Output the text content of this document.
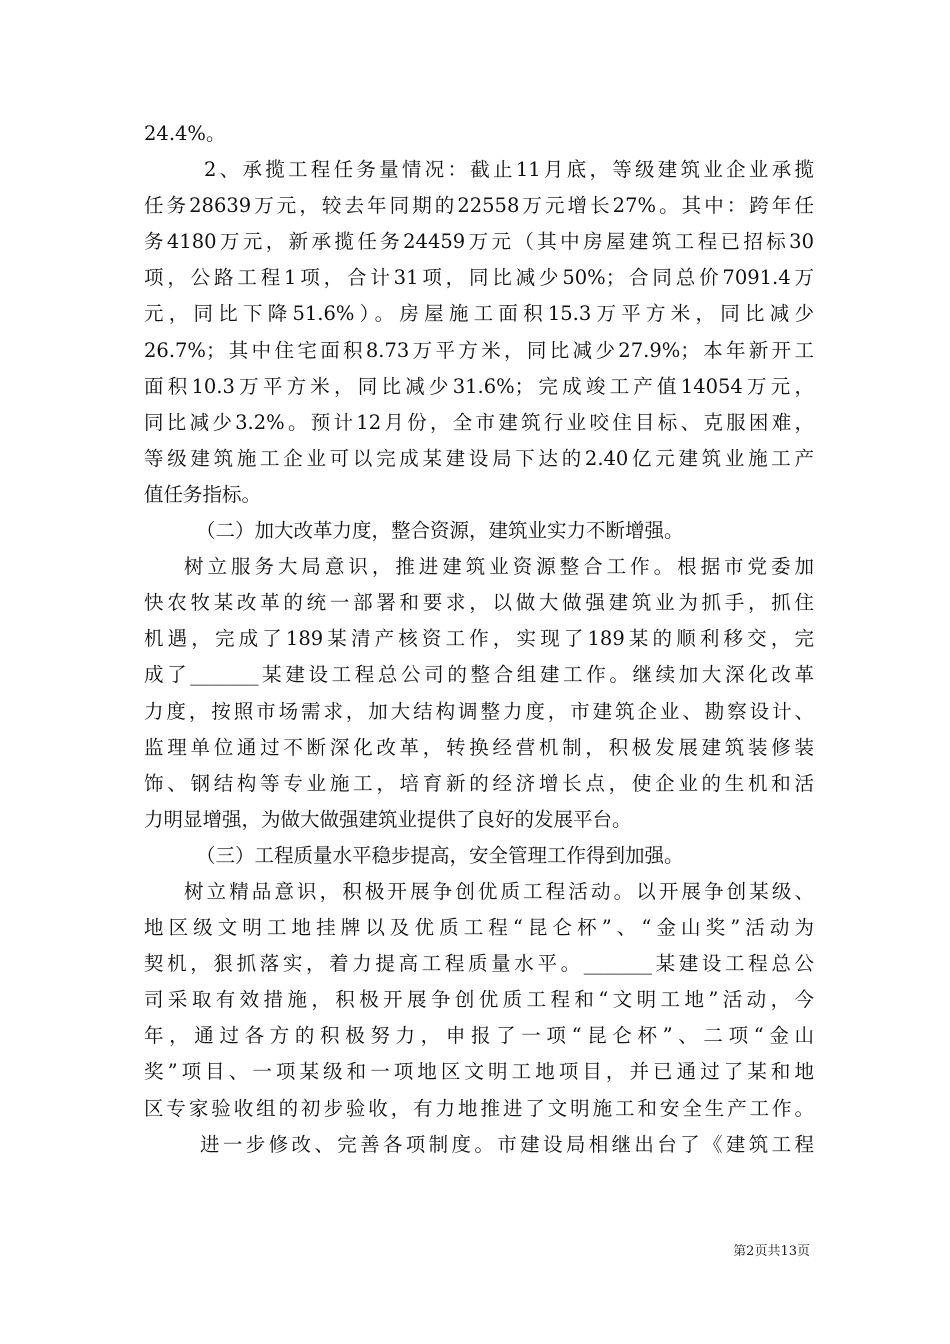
24.4%。
2、承揽工程任务量情况：截止11月底，等级建筑业企业承揽
任务28639万元，较去年同期的22558万元增长27%。其中：跨年任
务4180万元，新承揽任务24459万元（其中房屋建筑工程已招标30
项，公路工程1项，合计31项，同比减少50%；合同总价7091.4万
元，同比下降51.6%）。房屋施工面积15.3万平方米，同比减少
26.7%；其中住宅面积8.73万平方米，同比减少27.9%；本年新开工
面积10.3万平方米，同比减少31.6%；完成竣工产值14054万元，
同比减少3.2%。预计12月份，全市建筑行业咬住目标、克服困难，
等级建筑施工企业可以完成某建设局下达的2.40亿元建筑业施工产
值任务指标。
（二）加大改革力度，整合资源，建筑业实力不断增强。
树立服务大局意识，推进建筑业资源整合工作。根据市党委加
快农牧某改革的统一部署和要求，以做大做强建筑业为抓手，抓住
机遇，完成了189某清产核资工作，实现了189某的顺利移交，完
成了_______某建设工程总公司的整合组建工作。继续加大深化改革
力度，按照市场需求，加大结构调整力度，市建筑企业、勘察设计、
监理单位通过不断深化改革，转换经营机制，积极发展建筑装修装
饰、钢结构等专业施工，培育新的经济增长点，使企业的生机和活
力明显增强，为做大做强建筑业提供了良好的发展平台。
（三）工程质量水平稳步提高，安全管理工作得到加强。
树立精品意识，积极开展争创优质工程活动。以开展争创某级、
地区级文明工地挂牌以及优质工程“昆仑杯”、“金山奖”活动为
契机，狠抓落实，着力提高工程质量水平。_______某建设工程总公
司采取有效措施，积极开展争创优质工程和“文明工地”活动，今
年，通过各方的积极努力，申报了一项“昆仑杯”、二项“金山
奖”项目、一项某级和一项地区文明工地项目，并已通过了某和地
区专家验收组的初步验收，有力地推进了文明施工和安全生产工作。
进一步修改、完善各项制度。市建设局相继出台了《建筑工程
第2页共13页
